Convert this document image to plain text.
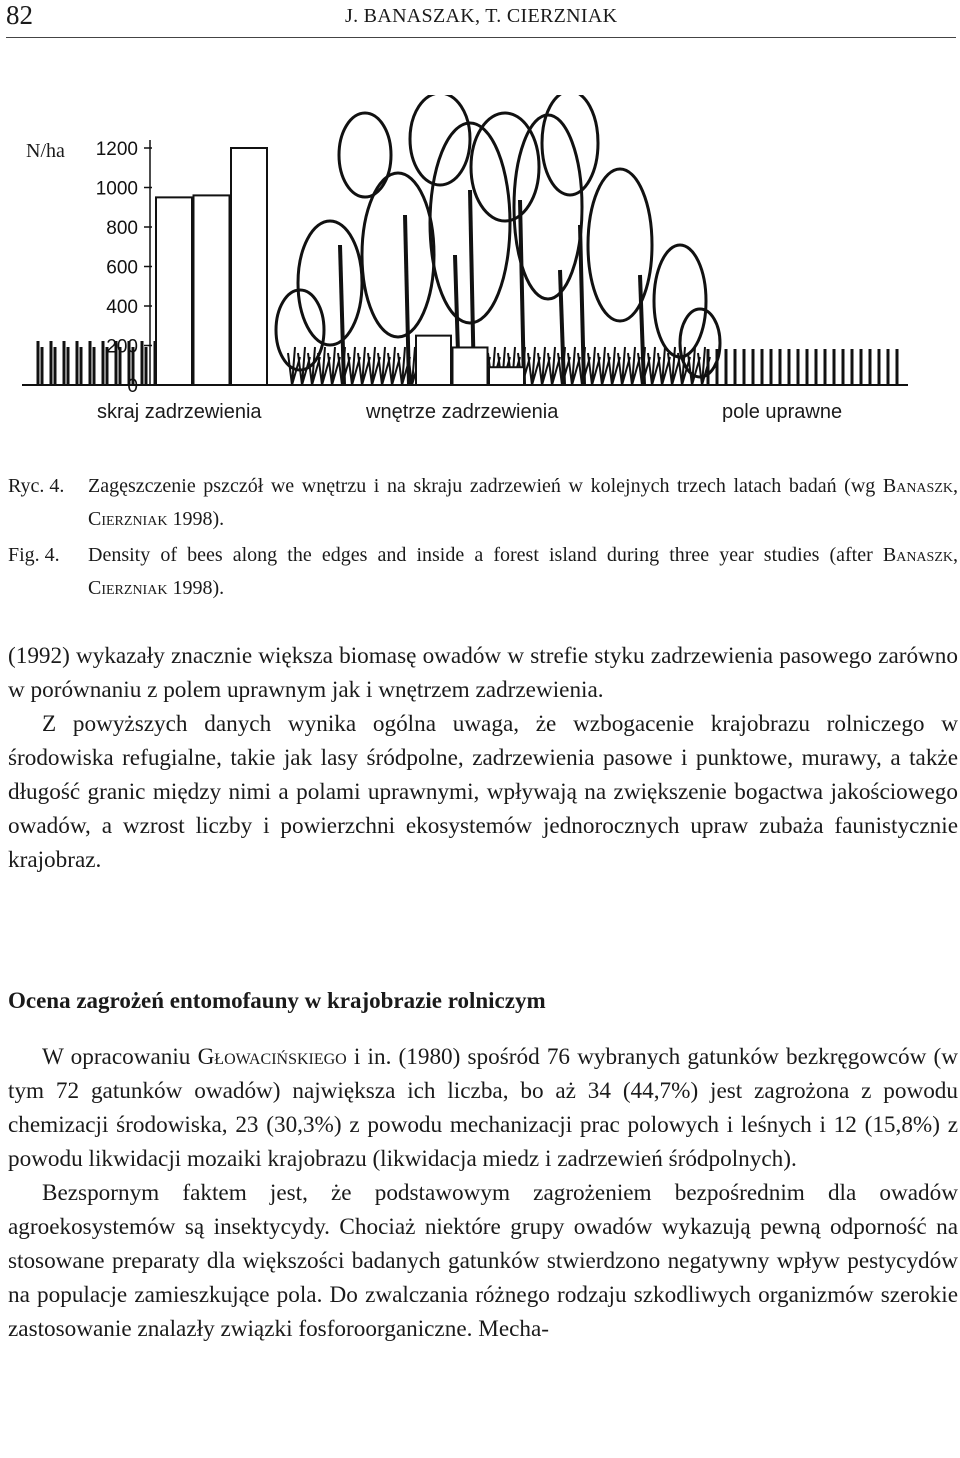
82	J. BANASZAK, T. CIERZNIAK
0
200
400
600
800
1000
1200
N/ha
skraj zadrzewienia	wnętrze zadrzewienia	pole uprawne
Ryc. 4. Zagęszczenie pszczół we wnętrzu i na skraju zadrzewień w kolejnych trzech latach badań (wg Banaszk, Cierzniak 1998).
Fig. 4. Density of bees along the edges and inside a forest island during three year studies (after Banaszk, Cierzniak 1998).

(1992) wykazały znacznie większa biomasę owadów w strefie styku zadrzewienia pasowego zarówno w porównaniu z polem uprawnym jak i wnętrzem zadrzewienia.

Z powyższych danych wynika ogólna uwaga, że wzbogacenie krajobrazu rolniczego w środowiska refugialne, takie jak lasy śródpolne, zadrzewienia pasowe i punktowe, murawy, a także długość granic między nimi a polami uprawnymi, wpływają na zwiększenie bogactwa jakościowego owadów, a wzrost liczby i powierzchni ekosystemów jednorocznych upraw zubaża faunistycznie krajobraz.

Ocena zagrożeń entomofauny w krajobrazie rolniczym

W opracowaniu Głowacińskiego i in. (1980) spośród 76 wybranych gatunków bezkręgowców (w tym 72 gatunków owadów) największa ich liczba, bo aż 34 (44,7%) jest zagrożona z powodu chemizacji środowiska, 23 (30,3%) z powodu mechanizacji prac polowych i leśnych i 12 (15,8%) z powodu likwidacji mozaiki krajobrazu (likwidacja miedz i zadrzewień śródpolnych).

Bezspornym faktem jest, że podstawowym zagrożeniem bezpośrednim dla owadów agroekosystemów są insektycydy. Chociaż niektóre grupy owadów wykazują pewną odporność na stosowane preparaty dla większości badanych gatunków stwierdzono negatywny wpływ pestycydów na populacje zamieszkujące pola. Do zwalczania różnego rodzaju szkodliwych organizmów szerokie zastosowanie znalazły związki fosforoorganiczne. Mecha-
